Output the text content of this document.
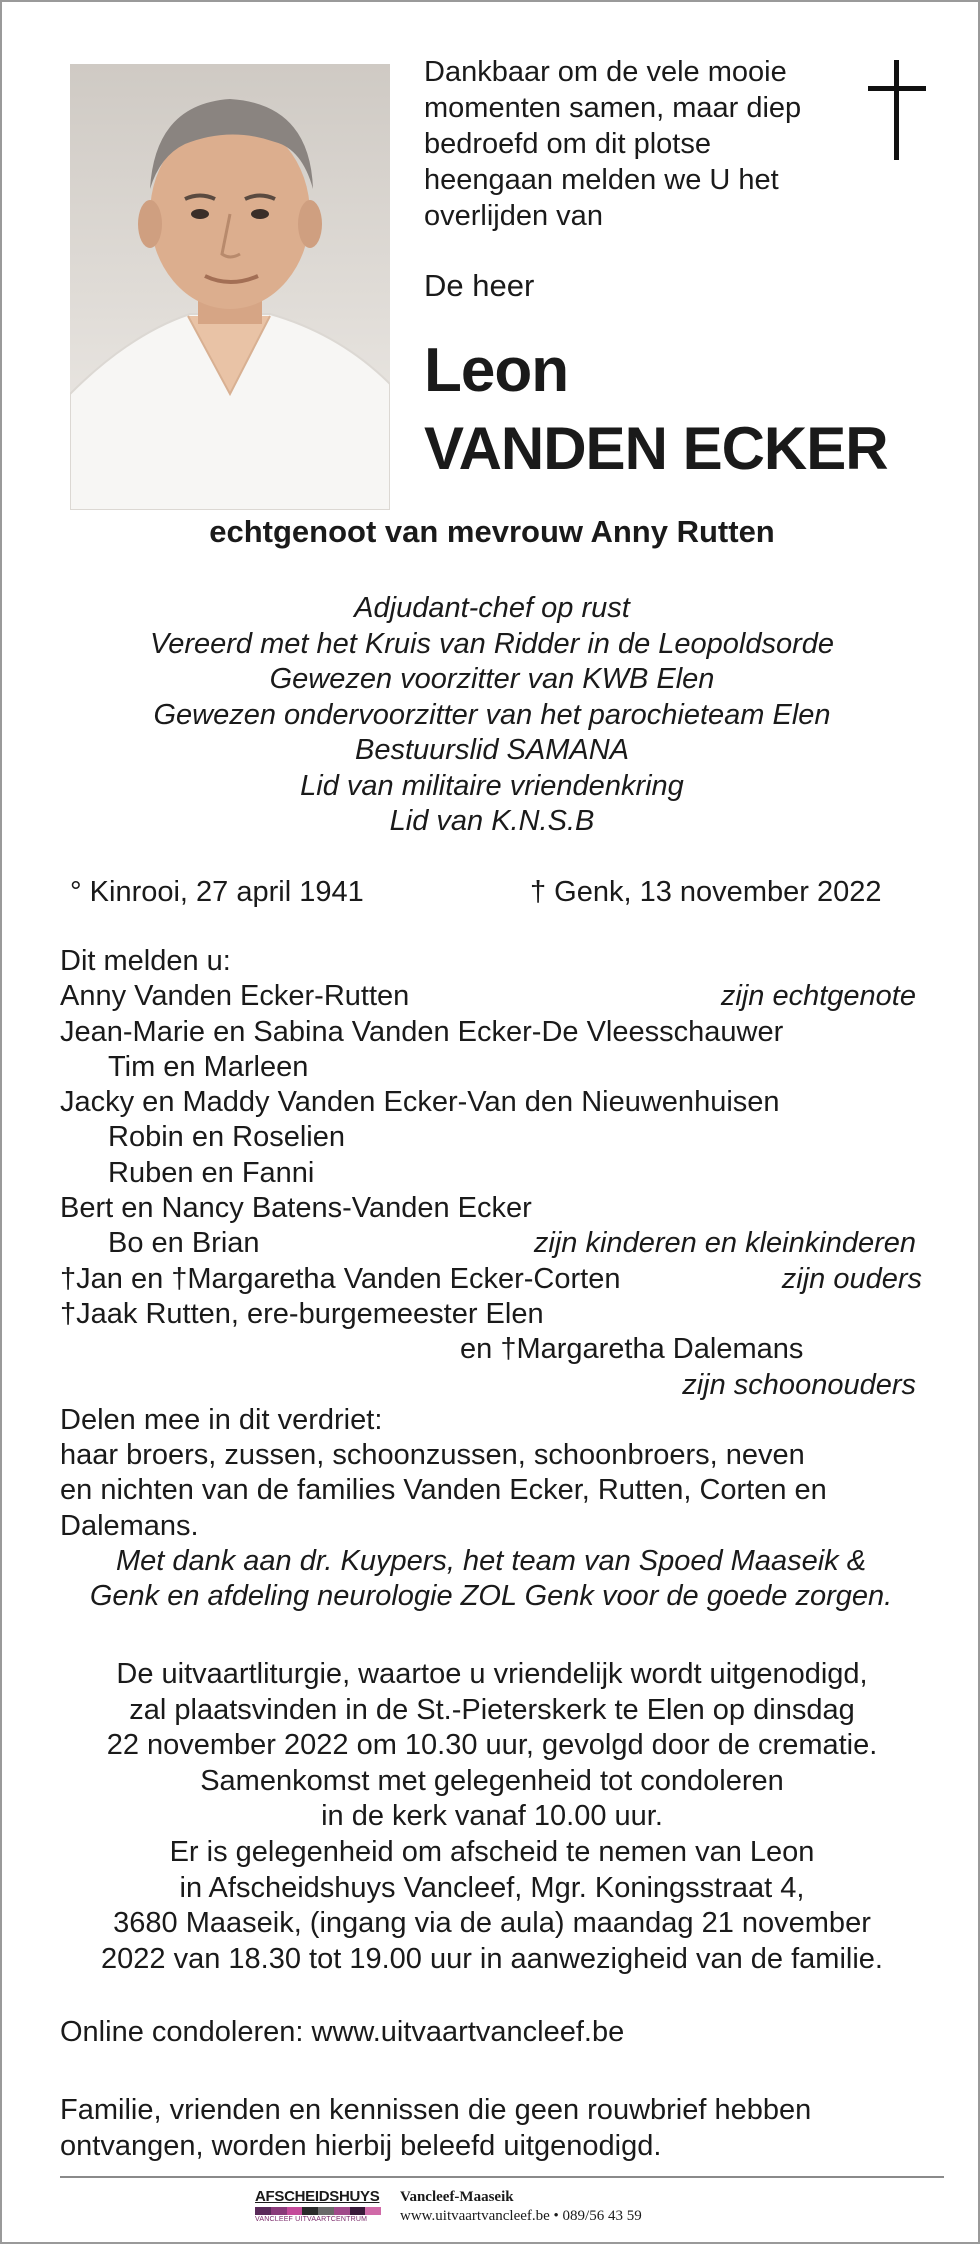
Dankbaar om de vele mooie
momenten samen, maar diep
bedroefd om dit plotse
heengaan melden we U het
overlijden van
De heer
Leon
VANDEN ECKER
echtgenoot van mevrouw Anny Rutten
Adjudant-chef op rust
Vereerd met het Kruis van Ridder in de Leopoldsorde
Gewezen voorzitter van KWB Elen
Gewezen ondervoorzitter van het parochieteam Elen
Bestuurslid SAMANA
Lid van militaire vriendenkring
Lid van K.N.S.B
° Kinrooi, 27 april 1941	† Genk, 13 november 2022
Dit melden u:
Anny Vanden Ecker-Rutten	zijn echtgenote
Jean-Marie en Sabina Vanden Ecker-De Vleesschauwer
Tim en Marleen
Jacky en Maddy Vanden Ecker-Van den Nieuwenhuisen
Robin en Roselien
Ruben en Fanni
Bert en Nancy Batens-Vanden Ecker
Bo en Brian	zijn kinderen en kleinkinderen
†Jan en †Margaretha Vanden Ecker-Corten	zijn ouders
†Jaak Rutten, ere-burgemeester Elen
en †Margaretha Dalemans
zijn schoonouders
Delen mee in dit verdriet:
haar broers, zussen, schoonzussen, schoonbroers, neven
en nichten van de families Vanden Ecker, Rutten, Corten en
Dalemans.
Met dank aan dr. Kuypers, het team van Spoed Maaseik &
Genk en afdeling neurologie ZOL Genk voor de goede zorgen.
De uitvaartliturgie, waartoe u vriendelijk wordt uitgenodigd,
zal plaatsvinden in de St.-Pieterskerk te Elen op dinsdag
22 november 2022 om 10.30 uur, gevolgd door de crematie.
Samenkomst met gelegenheid tot condoleren
in de kerk vanaf 10.00 uur.
Er is gelegenheid om afscheid te nemen van Leon
in Afscheidshuys Vancleef, Mgr. Koningsstraat 4,
3680 Maaseik, (ingang via de aula) maandag 21 november
2022 van 18.30 tot 19.00 uur in aanwezigheid van de familie.
Online condoleren: www.uitvaartvancleef.be
Familie, vrienden en kennissen die geen rouwbrief hebben
ontvangen, worden hierbij beleefd uitgenodigd.
AFSCHEIDSHUYS
VANCLEEF UITVAARTCENTRUM
Vancleef-Maaseik
www.uitvaartvancleef.be • 089/56 43 59
